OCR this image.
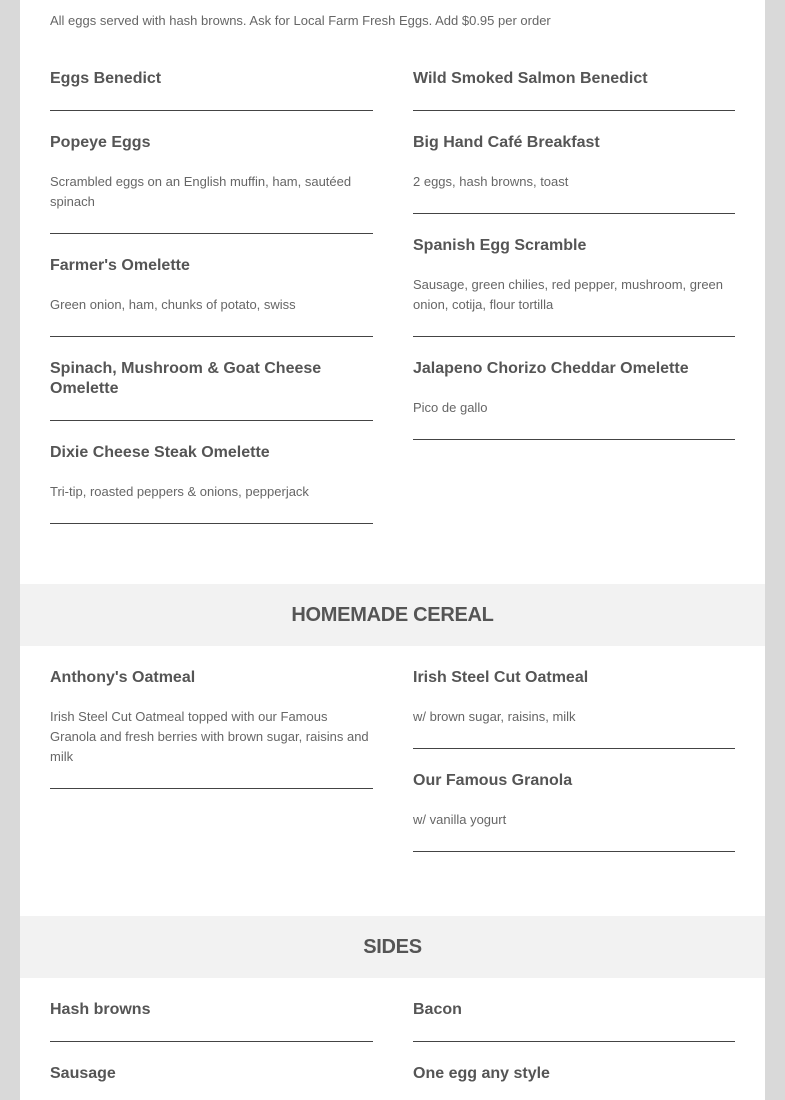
All eggs served with hash browns. Ask for Local Farm Fresh Eggs. Add $0.95 per order

Eggs Benedict
Popeye Eggs

Scrambled eggs on an English muffin, ham, sautéed spinach

Farmer's Omelette

Green onion, ham, chunks of potato, swiss

Spinach, Mushroom & Goat Cheese Omelette
Dixie Cheese Steak Omelette

Tri-tip, roasted peppers & onions, pepperjack

Wild Smoked Salmon Benedict
Big Hand Café Breakfast

2 eggs, hash browns, toast

Spanish Egg Scramble

Sausage, green chilies, red pepper, mushroom, green onion, cotija, flour tortilla

Jalapeno Chorizo Cheddar Omelette

Pico de gallo

HOMEMADE CEREAL
Anthony's Oatmeal

Irish Steel Cut Oatmeal topped with our Famous Granola and fresh berries with brown sugar, raisins and milk

Irish Steel Cut Oatmeal

w/ brown sugar, raisins, milk

Our Famous Granola

w/ vanilla yogurt

SIDES
Hash browns
Sausage
Bacon
One egg any style
